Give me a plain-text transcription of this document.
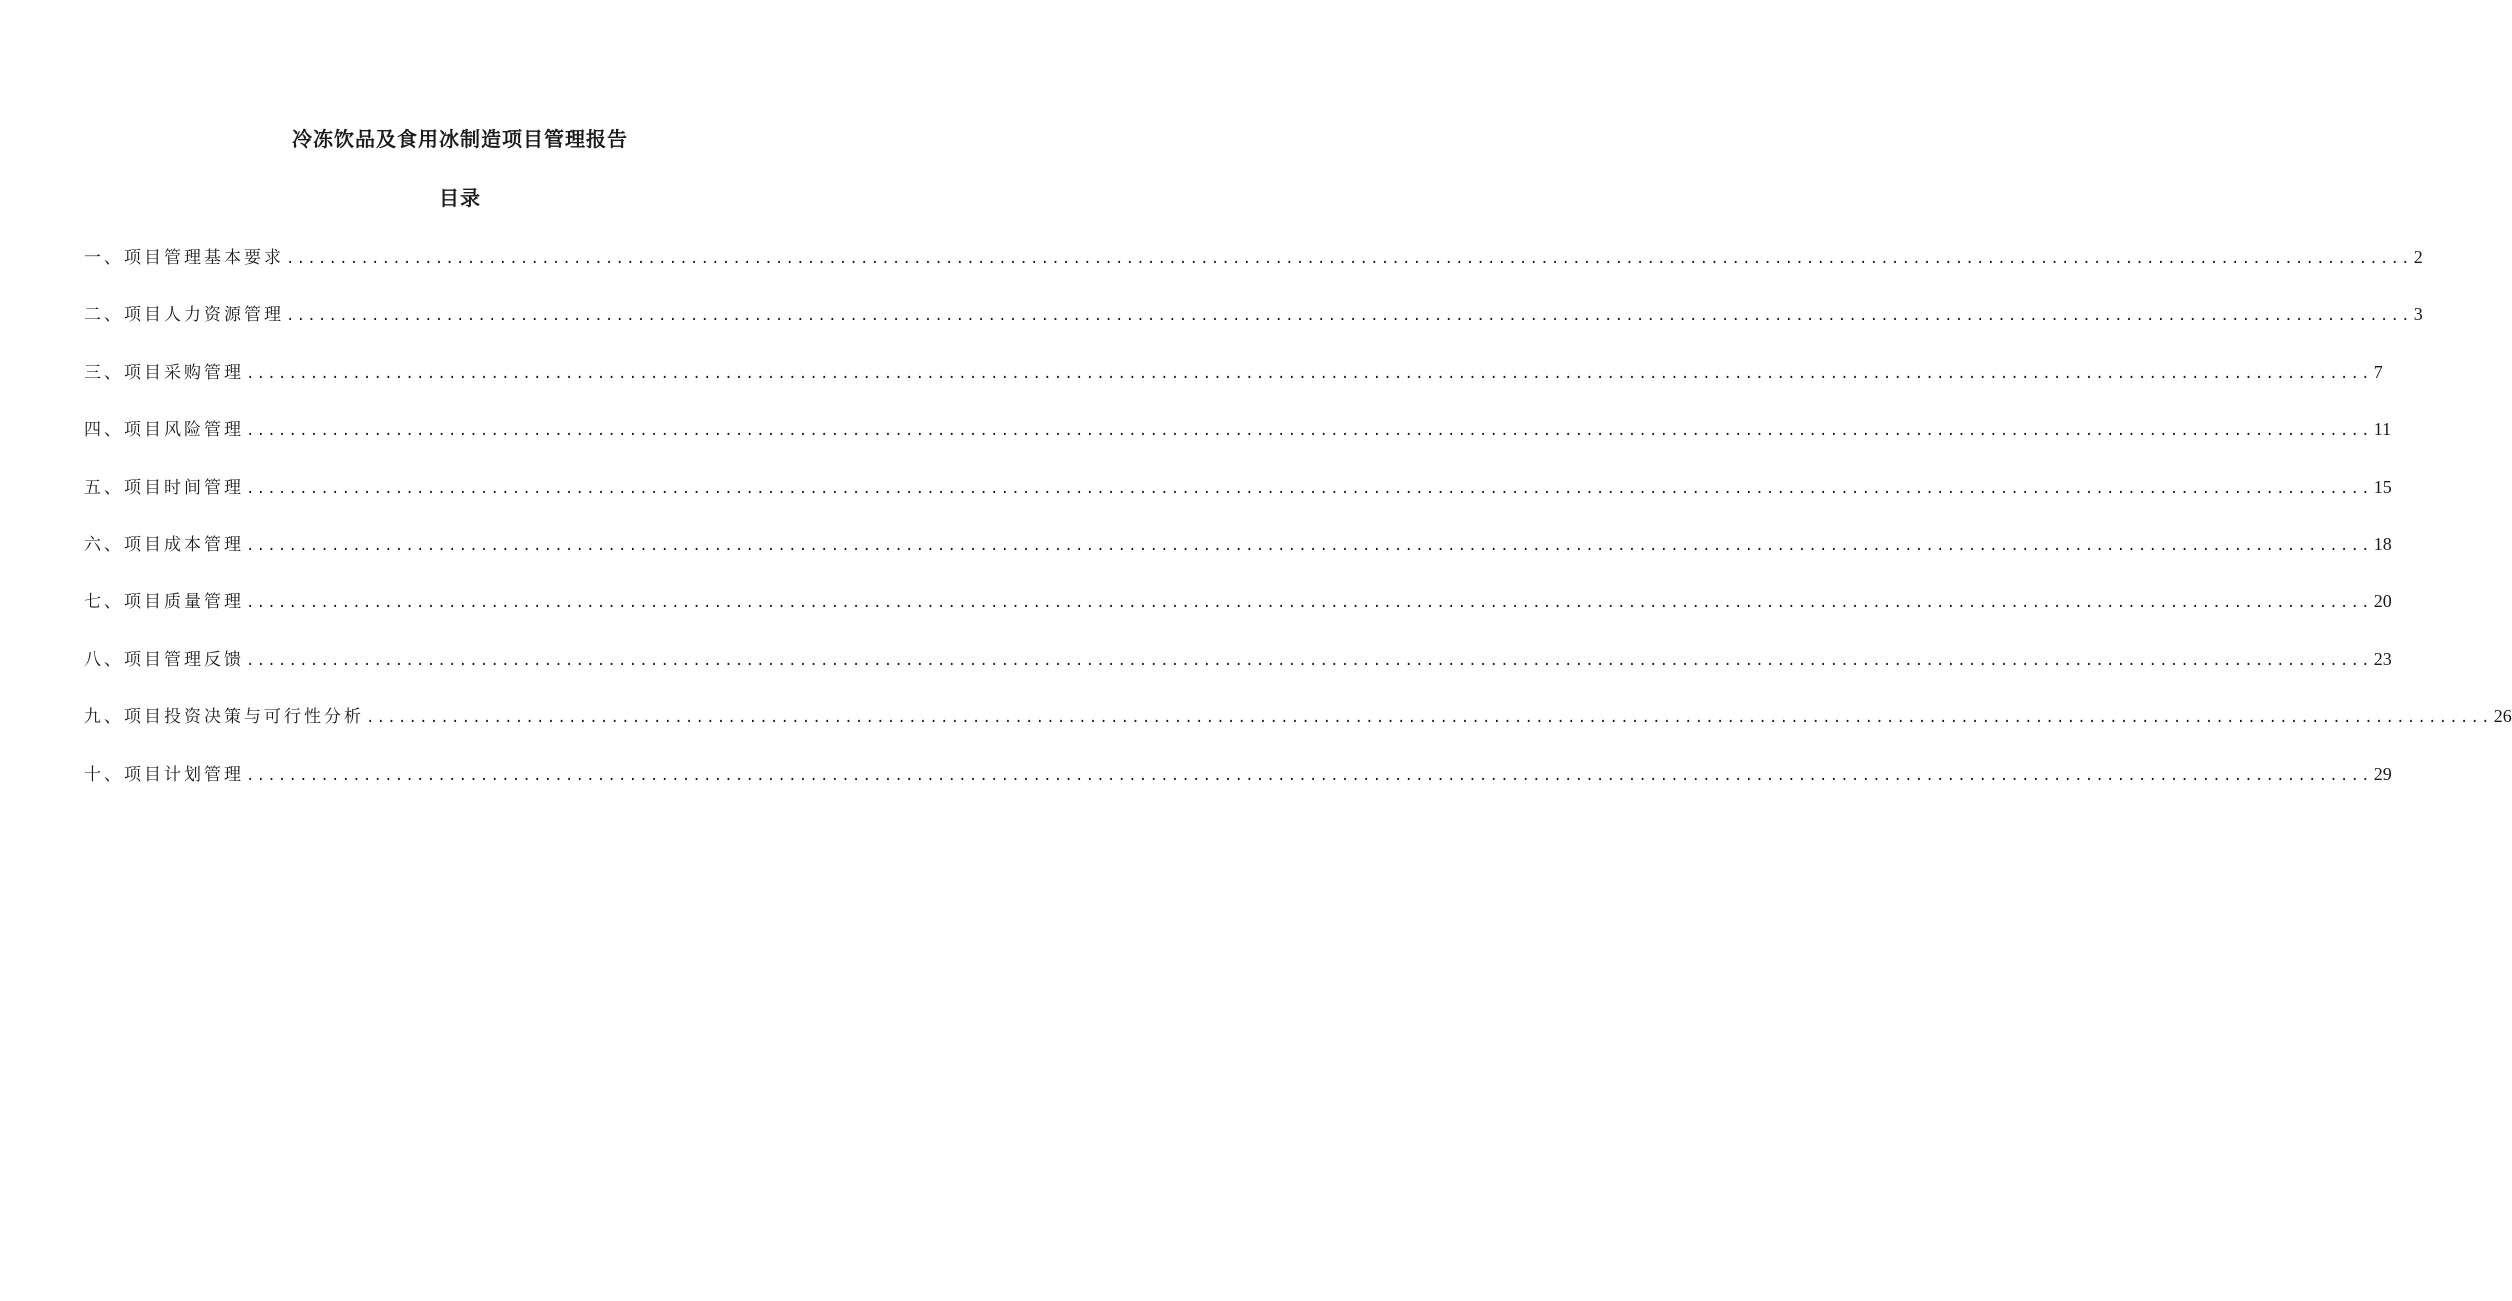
冷冻饮品及食用冰制造项目管理报告
目录
一、项目管理基本要求 ........................................................................................................................................................................................................ 2
二、项目人力资源管理 ........................................................................................................................................................................................................ 3
三、项目采购管理 ........................................................................................................................................................................................................ 7
四、项目风险管理 ........................................................................................................................................................................................................ 11
五、项目时间管理 ........................................................................................................................................................................................................ 15
六、项目成本管理 ........................................................................................................................................................................................................ 18
七、项目质量管理 ........................................................................................................................................................................................................ 20
八、项目管理反馈 ........................................................................................................................................................................................................ 23
九、项目投资决策与可行性分析 ........................................................................................................................................................................................................ 26
十、项目计划管理 ........................................................................................................................................................................................................ 29
